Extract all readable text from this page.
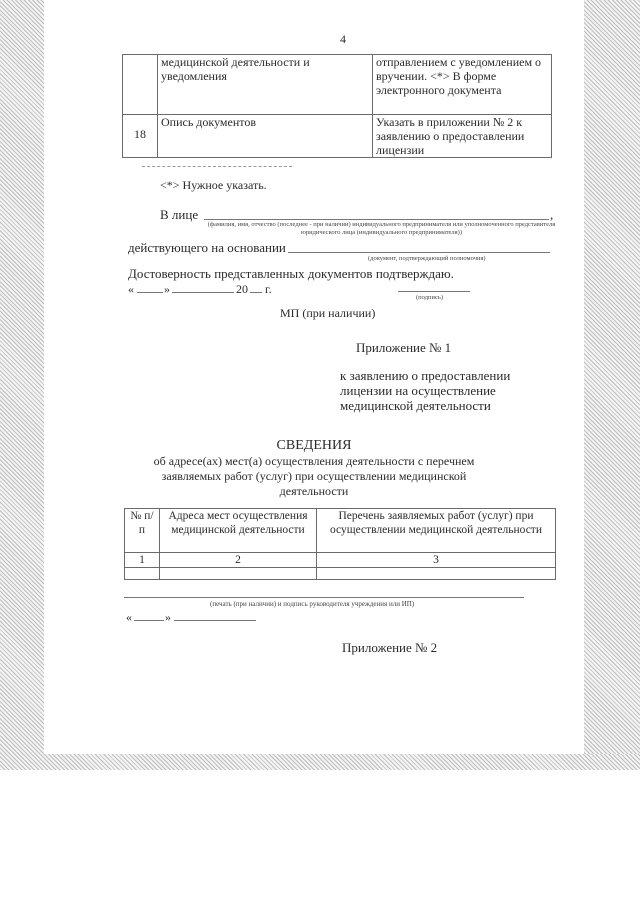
4
	медицинской деятельности и уведомления	отправлением с уведомлением о вручении. <*> В форме электронного документа
18	Опись документов	Указать в приложении № 2 к заявлению о предоставлении лицензии
<*> Нужное указать.
В лице	,
(фамилия, имя, отчество (последнее - при наличии) индивидуального предпринимателя или уполномоченного представителя юридического лица (индивидуального предпринимателя))
действующего на основании
(документ, подтверждающий полномочия)
Достоверность представленных документов подтверждаю.
«	»	20 г.
(подпись)
МП (при наличии)
Приложение № 1
к заявлению о предоставлении
лицензии на осуществление
медицинской деятельности
СВЕДЕНИЯ
об адресе(ах) мест(а) осуществления деятельности с перечнем
заявляемых работ (услуг) при осуществлении медицинской
деятельности
№ п/п	Адреса мест осуществления медицинской деятельности	Перечень заявляемых работ (услуг) при осуществлении медицинской деятельности
1	2	3

(печать (при наличии) и подпись руководителя учреждения или ИП)
«	»
Приложение № 2
